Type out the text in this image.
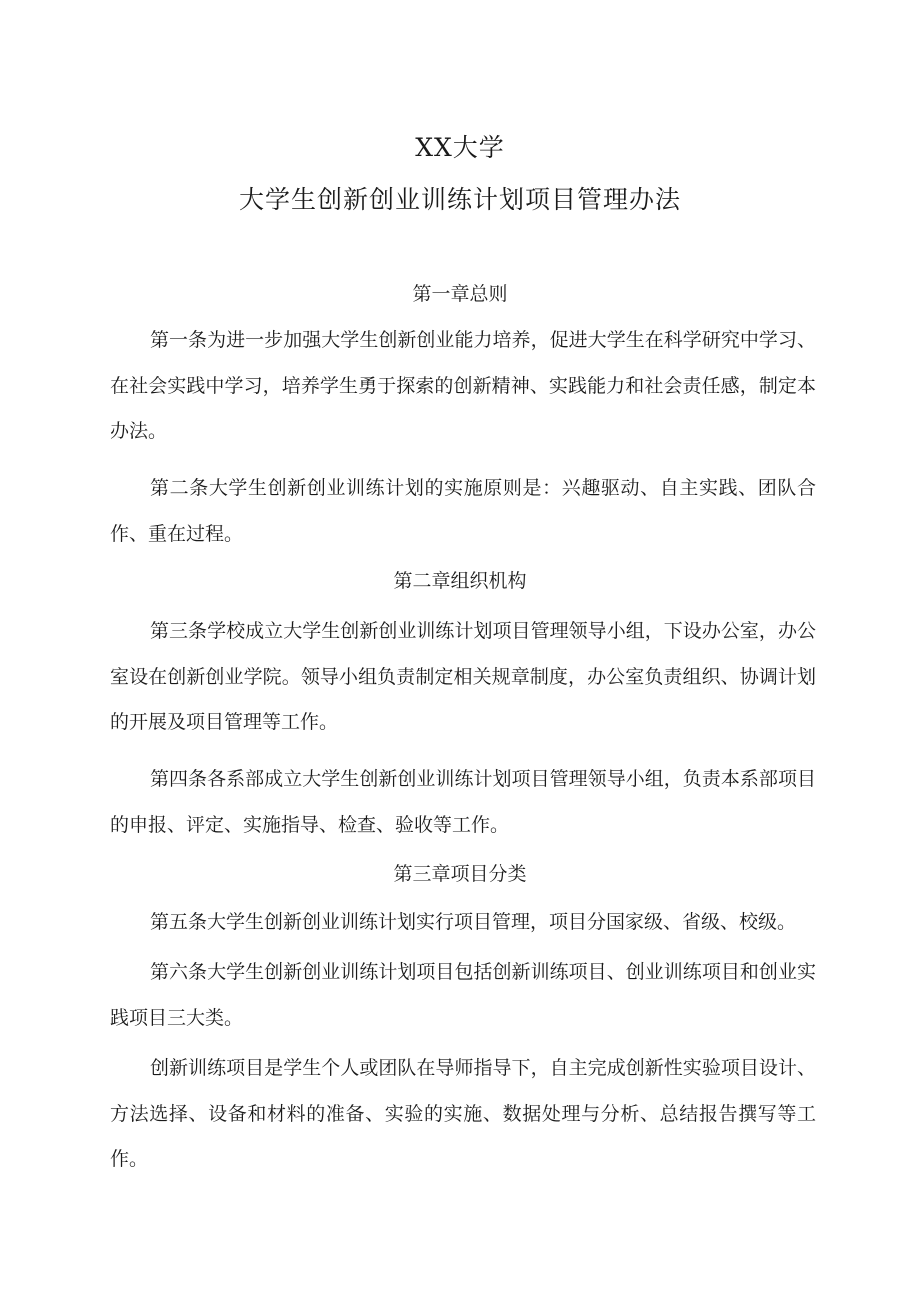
XX大学
大学生创新创业训练计划项目管理办法
第一章总则

第一条为进一步加强大学生创新创业能力培养，促进大学生在科学研究中学习、在社会实践中学习，培养学生勇于探索的创新精神、实践能力和社会责任感，制定本办法。

第二条大学生创新创业训练计划的实施原则是：兴趣驱动、自主实践、团队合作、重在过程。

第二章组织机构

第三条学校成立大学生创新创业训练计划项目管理领导小组，下设办公室，办公室设在创新创业学院。领导小组负责制定相关规章制度，办公室负责组织、协调计划的开展及项目管理等工作。

第四条各系部成立大学生创新创业训练计划项目管理领导小组，负责本系部项目的申报、评定、实施指导、检查、验收等工作。

第三章项目分类

第五条大学生创新创业训练计划实行项目管理，项目分国家级、省级、校级。

第六条大学生创新创业训练计划项目包括创新训练项目、创业训练项目和创业实践项目三大类。

创新训练项目是学生个人或团队在导师指导下，自主完成创新性实验项目设计、方法选择、设备和材料的准备、实验的实施、数据处理与分析、总结报告撰写等工作。
